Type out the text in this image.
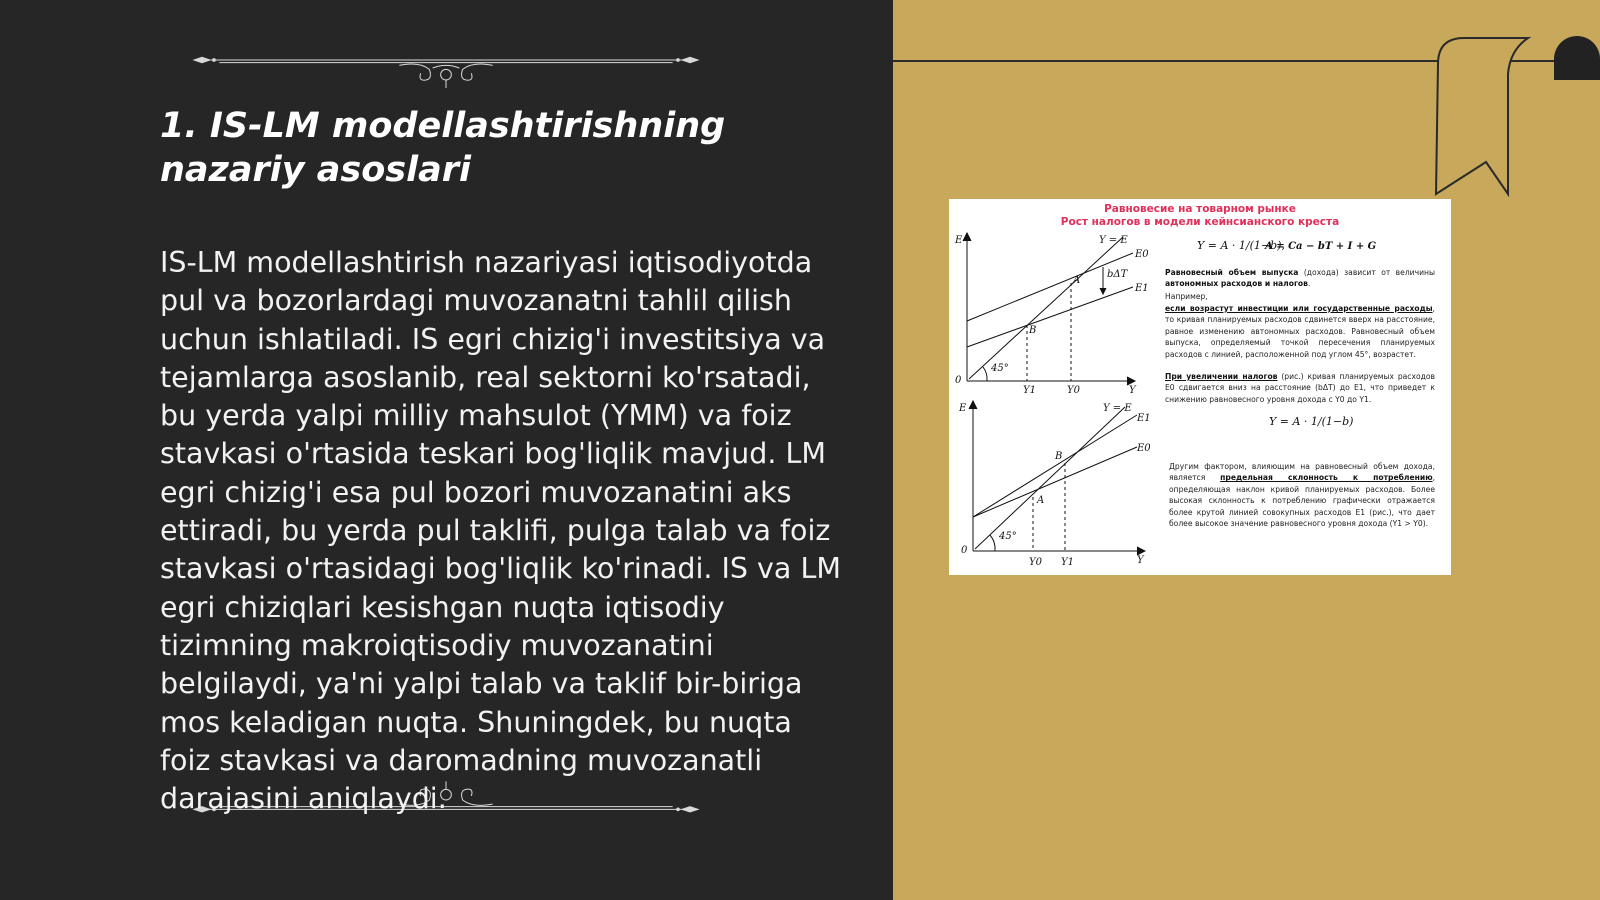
1. IS-LM modellashtirishning nazariy asoslari

IS-LM modellashtirish nazariyasi iqtisodiyotda pul va bozorlardagi muvozanatni tahlil qilish uchun ishlatiladi. IS egri chizig'i investitsiya va tejamlarga asoslanib, real sektorni ko'rsatadi, bu yerda yalpi milliy mahsulot (YMM) va foiz stavkasi o'rtasida teskari bog'liqlik mavjud. LM egri chizig'i esa pul bozori muvozanatini aks ettiradi, bu yerda pul taklifi, pulga talab va foiz stavkasi o'rtasidagi bog'liqlik ko'rinadi. IS va LM egri chiziqlari kesishgan nuqta iqtisodiy tizimning makroiqtisodiy muvozanatini belgilaydi, ya'ni yalpi talab va taklif bir-biriga mos keladigan nuqta. Shuningdek, bu nuqta foiz stavkasi va daromadning muvozanatli darajasini aniqlaydi.

Равновесие на товарном рынке
Рост налогов в модели кейнсианского креста
E
Y
0
Y = E
E0
E1
A
B
bΔT
45°
Y1	Y0
E
Y
0
Y = E
E1
E0
A
B
45°
Y0 Y1
Y = A · 1/(1−b),
A = Ca − bT + I + G
Равновесный объем выпуска (дохода) зависит от величины автономных расходов и налогов.
Например,
если возрастут инвестиции или государственные расходы, то кривая планируемых расходов сдвинется вверх на расстояние, равное изменению автономных расходов. Равновесный объем выпуска, определяемый точкой пересечения планируемых расходов с линией, расположенной под углом 45°, возрастет.
При увеличении налогов (рис.) кривая планируемых расходов E0 сдвигается вниз на расстояние (bΔT) до E1, что приведет к снижению равновесного уровня дохода с Y0 до Y1.
Y = A · 1/(1−b)
Другим фактором, влияющим на равновесный объем дохода, является предельная склонность к потреблению, определяющая наклон кривой планируемых расходов. Более высокая склонность к потреблению графически отражается более крутой линией совокупных расходов E1 (рис.), что дает более высокое значение равновесного уровня дохода (Y1 > Y0).
